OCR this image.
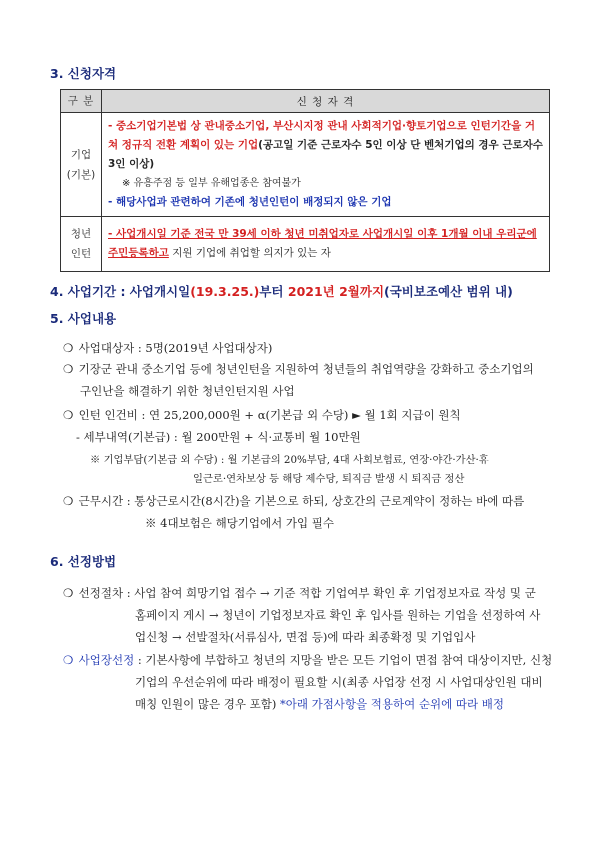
3. 신청자격
구 분	신 청 자 격
기업
(기본)	- 중소기업기본법 상 관내중소기업, 부산시지정 관내 사회적기업·향토기업으로 인턴기간을 거쳐 정규직 전환 계획이 있는 기업(공고일 기준 근로자수 5인 이상 단 벤처기업의 경우 근로자수 3인 이상)
※ 유흥주점 등 일부 유해업종은 참여불가
- 해당사업과 관련하여 기존에 청년인턴이 배정되지 않은 기업
청년
인턴	- 사업개시일 기준 전국 만 39세 이하 청년 미취업자로 사업개시일 이후 1개월 이내 우리군에 주민등록하고 지원 기업에 취업할 의지가 있는 자
4. 사업기간 : 사업개시일(19.3.25.)부터 2021년 2월까지(국비보조예산 범위 내)
5. 사업내용
❍ 사업대상자 : 5명(2019년 사업대상자)
❍ 기장군 관내 중소기업 등에 청년인턴을 지원하여 청년들의 취업역량을 강화하고 중소기업의
구인난을 해결하기 위한 청년인턴지원 사업
❍ 인턴 인건비 : 연 25,200,000원 + α(기본급 외 수당) ► 월 1회 지급이 원칙
- 세부내역(기본급) : 월 200만원 + 식·교통비 월 10만원
※ 기업부담(기본급 외 수당) : 월 기본급의 20%부담, 4대 사회보험료, 연장·야간·가산·휴
일근로·연차보상 등 해당 제수당, 퇴직금 발생 시 퇴직금 정산
❍ 근무시간 : 통상근로시간(8시간)을 기본으로 하되, 상호간의 근로계약이 정하는 바에 따름
※ 4대보험은 해당기업에서 가입 필수
6. 선정방법
❍ 선정절차 : 사업 참여 희망기업 접수 → 기준 적합 기업여부 확인 후 기업정보자료 작성 및 군
홈페이지 게시 → 청년이 기업정보자료 확인 후 입사를 원하는 기업을 선정하여 사
업신청 → 선발절차(서류심사, 면접 등)에 따라 최종확정 및 기업입사
❍ 사업장선정 : 기본사항에 부합하고 청년의 지망을 받은 모든 기업이 면접 참여 대상이지만, 신청
기업의 우선순위에 따라 배정이 필요할 시(최종 사업장 선정 시 사업대상인원 대비
매칭 인원이 많은 경우 포함) *아래 가점사항을 적용하여 순위에 따라 배정
